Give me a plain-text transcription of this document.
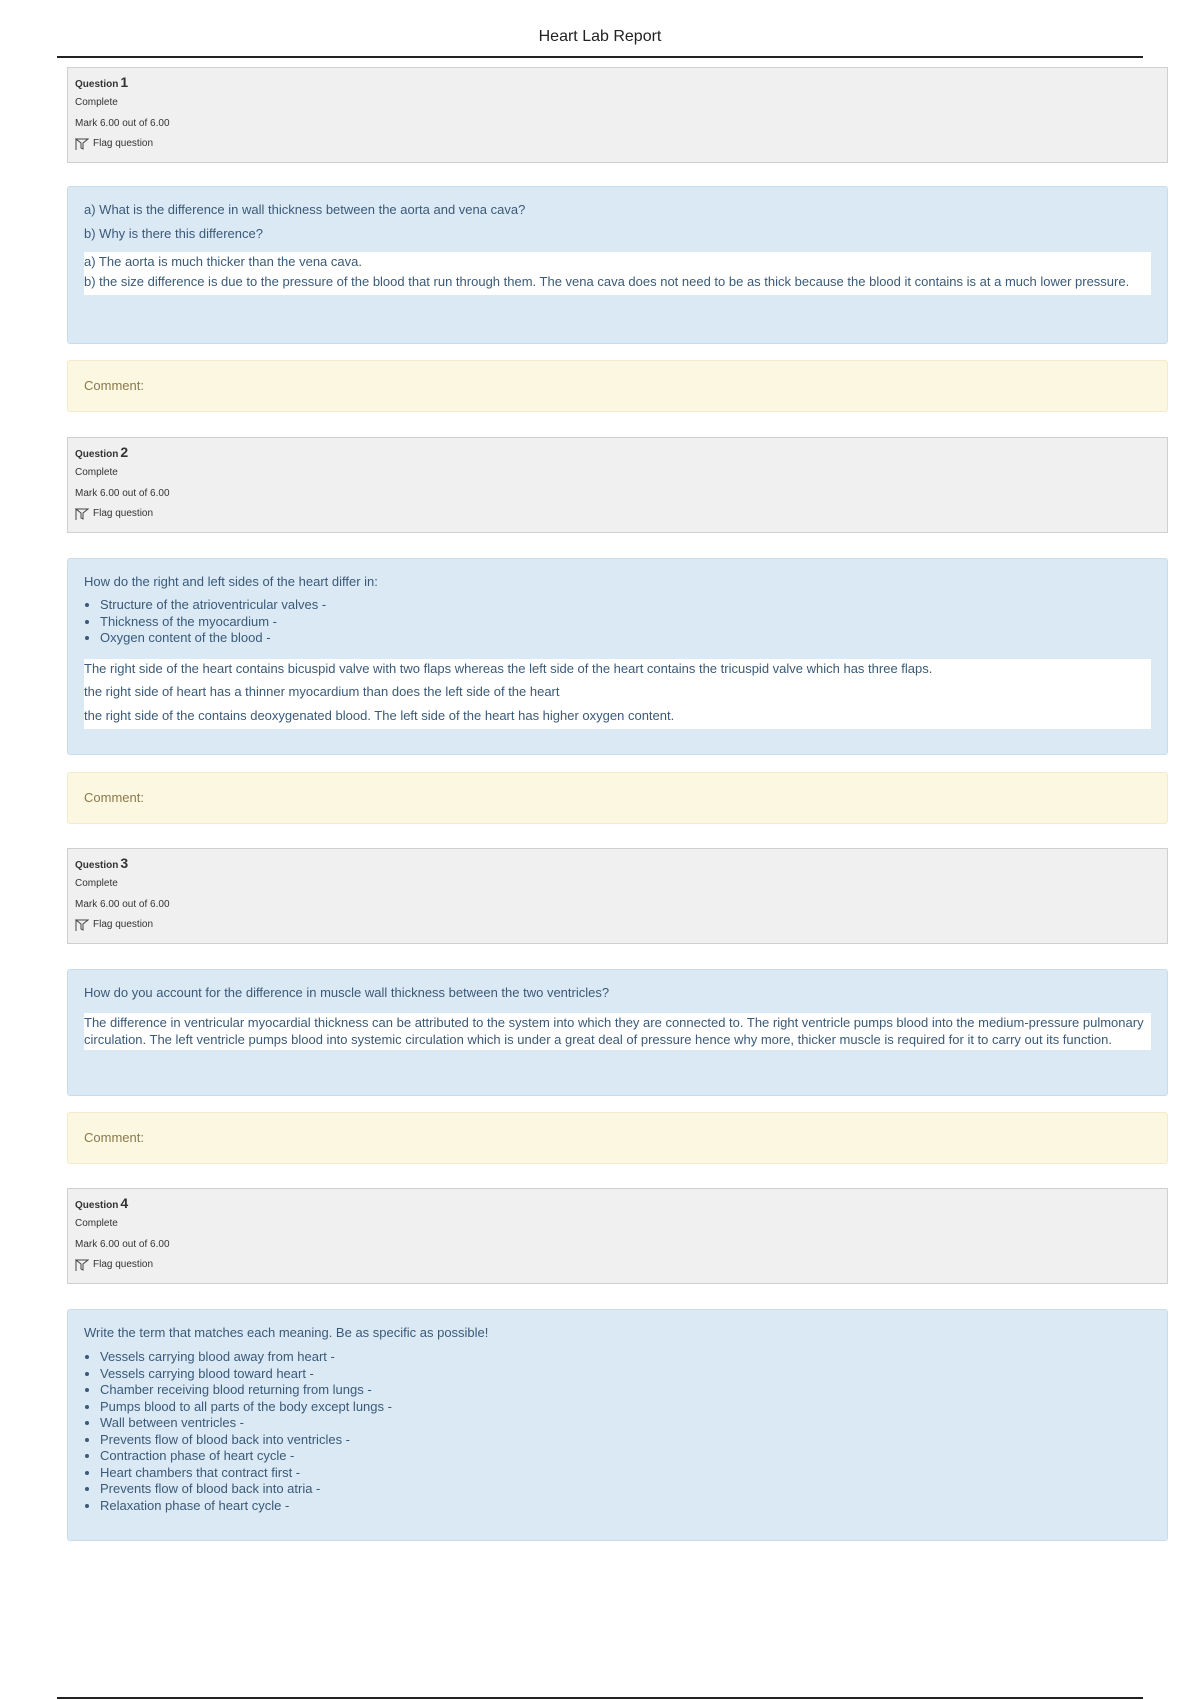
Heart Lab Report
Question 1
Complete
Mark 6.00 out of 6.00
Flag question

a) What is the difference in wall thickness between the aorta and vena cava?

b) Why is there this difference?

a) The aorta is much thicker than the vena cava.
b) the size difference is due to the pressure of the blood that run through them. The vena cava does not need to be as thick because the blood it contains is at a much lower pressure.
Comment:
Question 2
Complete
Mark 6.00 out of 6.00
Flag question

How do the right and left sides of the heart differ in:

• Structure of the atrioventricular valves -
• Thickness of the myocardium -
• Oxygen content of the blood -
The right side of the heart contains bicuspid valve with two flaps whereas the left side of the heart contains the tricuspid valve which has three flaps.
the right side of heart has a thinner myocardium than does the left side of the heart
the right side of the contains deoxygenated blood. The left side of the heart has higher oxygen content.
Comment:
Question 3
Complete
Mark 6.00 out of 6.00
Flag question

How do you account for the difference in muscle wall thickness between the two ventricles?

The difference in ventricular myocardial thickness can be attributed to the system into which they are connected to. The right ventricle pumps blood into the medium-pressure pulmonary circulation. The left ventricle pumps blood into systemic circulation which is under a great deal of pressure hence why more, thicker muscle is required for it to carry out its function.
Comment:
Question 4
Complete
Mark 6.00 out of 6.00
Flag question

Write the term that matches each meaning. Be as specific as possible!

• Vessels carrying blood away from heart -
• Vessels carrying blood toward heart -
• Chamber receiving blood returning from lungs -
• Pumps blood to all parts of the body except lungs -
• Wall between ventricles -
• Prevents flow of blood back into ventricles -
• Contraction phase of heart cycle -
• Heart chambers that contract first -
• Prevents flow of blood back into atria -
• Relaxation phase of heart cycle -
